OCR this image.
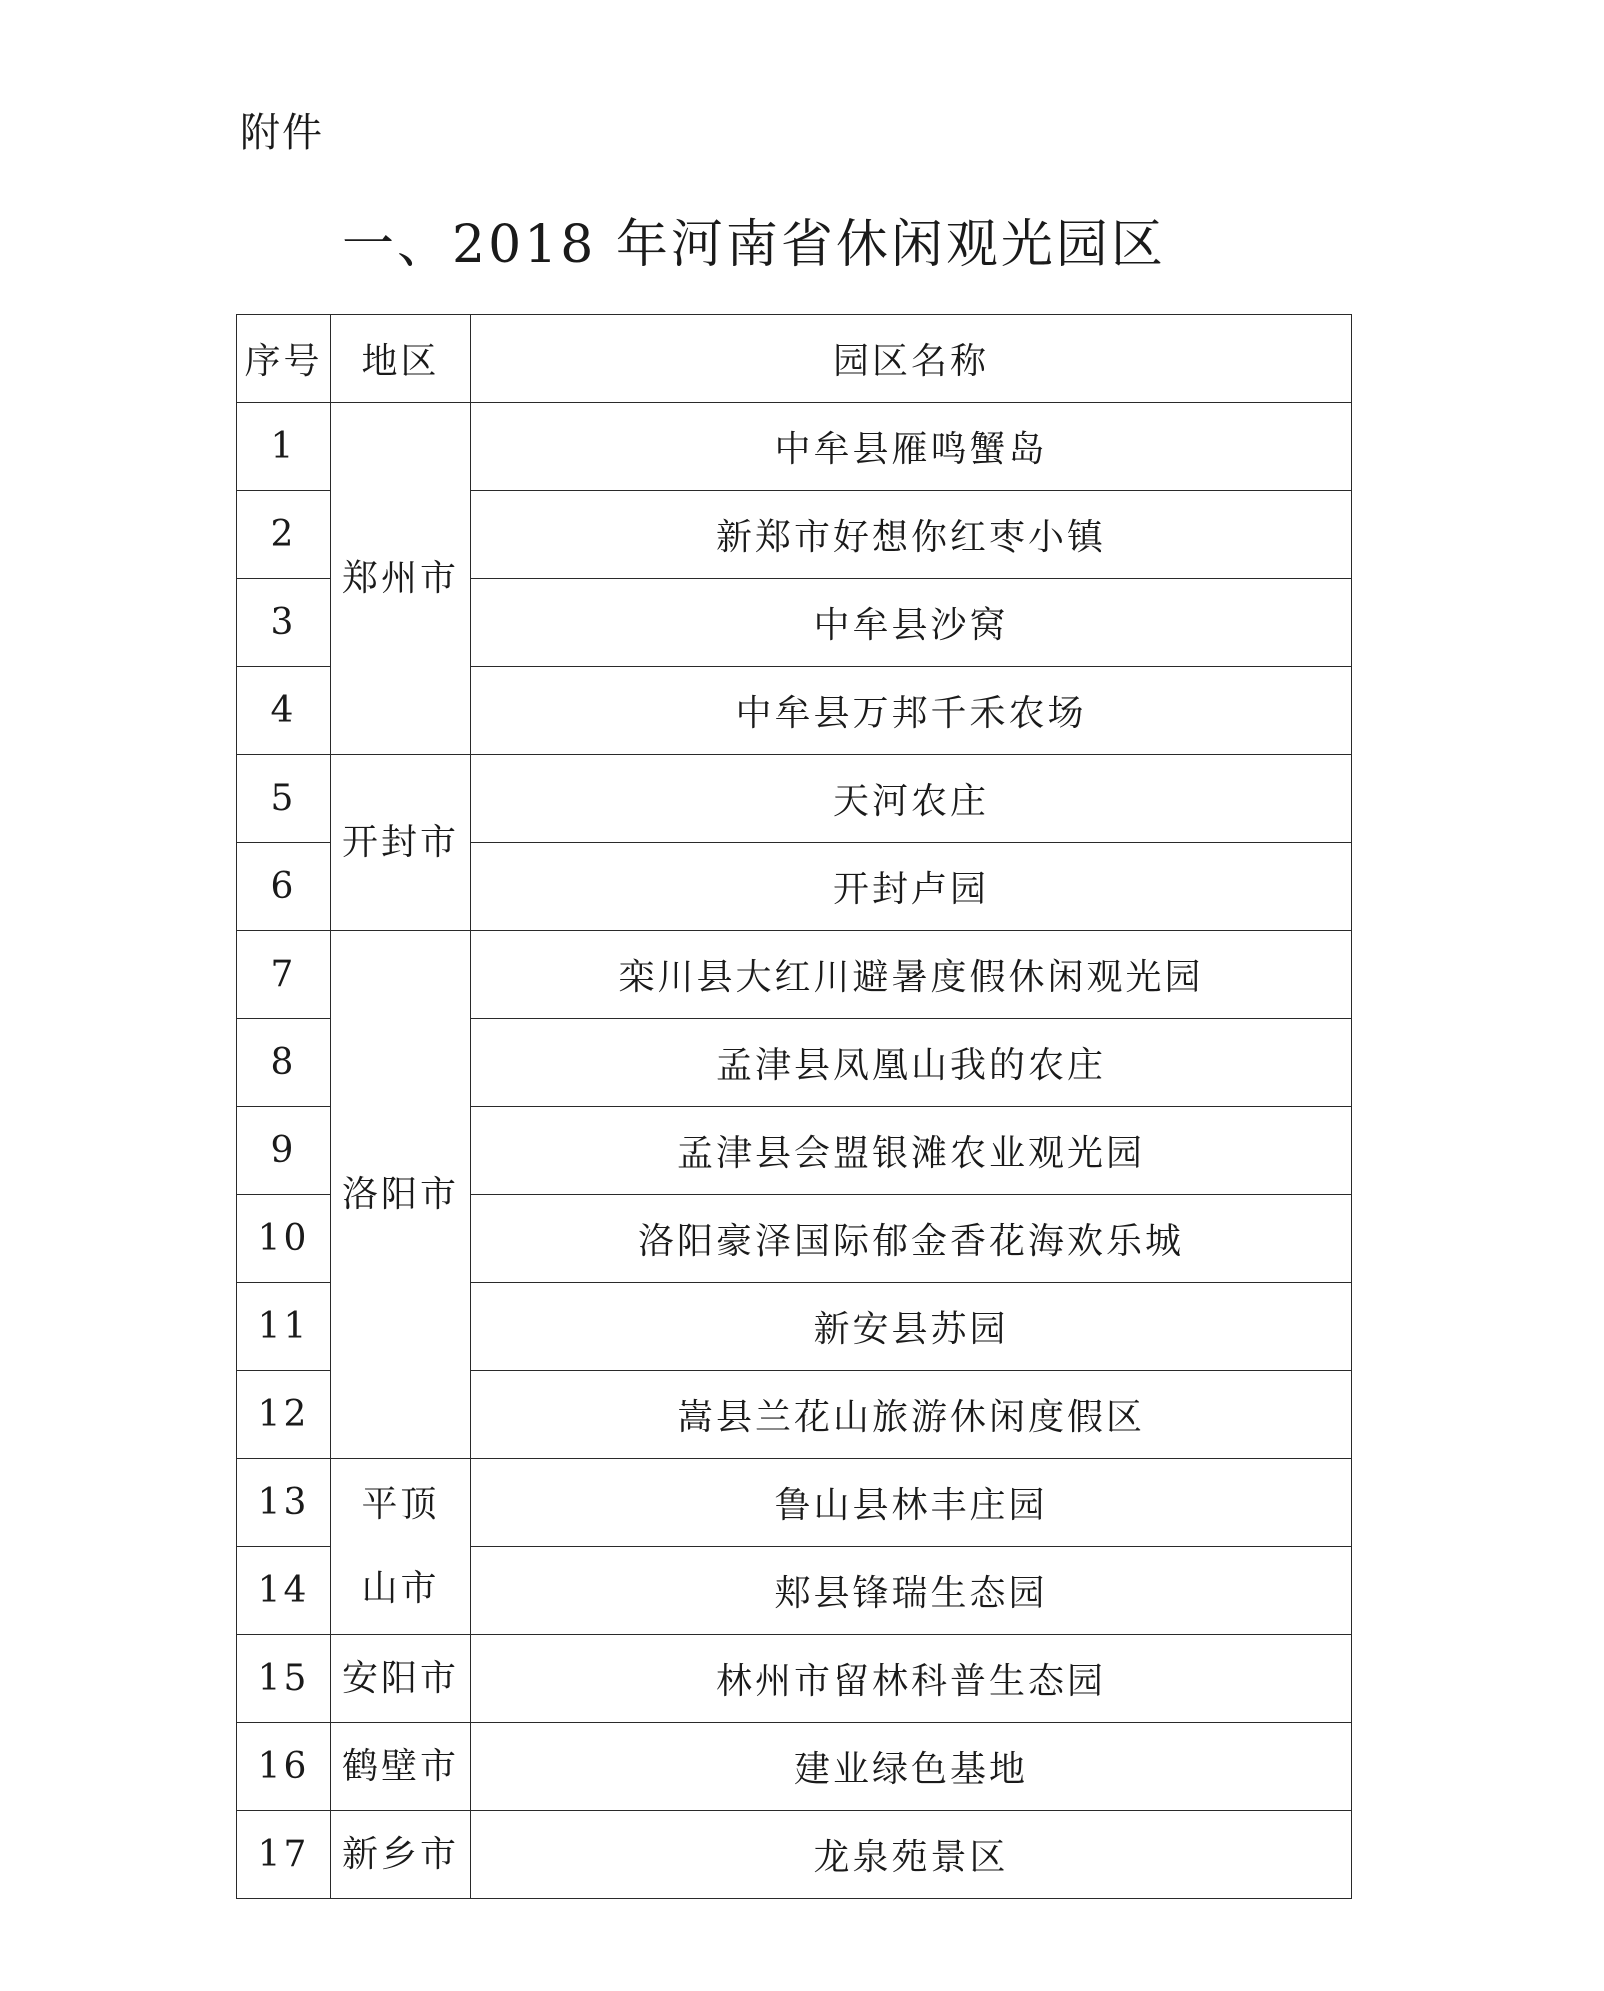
附件
一、2018 年河南省休闲观光园区
序号	地区	园区名称
1	郑州市	中牟县雁鸣蟹岛
2		新郑市好想你红枣小镇
3		中牟县沙窝
4		中牟县万邦千禾农场
5	开封市	天河农庄
6		开封卢园
7	洛阳市	栾川县大红川避暑度假休闲观光园
8		孟津县凤凰山我的农庄
9		孟津县会盟银滩农业观光园
10		洛阳豪泽国际郁金香花海欢乐城
11		新安县苏园
12		嵩县兰花山旅游休闲度假区
13	平顶山市	鲁山县林丰庄园
14		郏县锋瑞生态园
15	安阳市	林州市留林科普生态园
16	鹤壁市	建业绿色基地
17	新乡市	龙泉苑景区
